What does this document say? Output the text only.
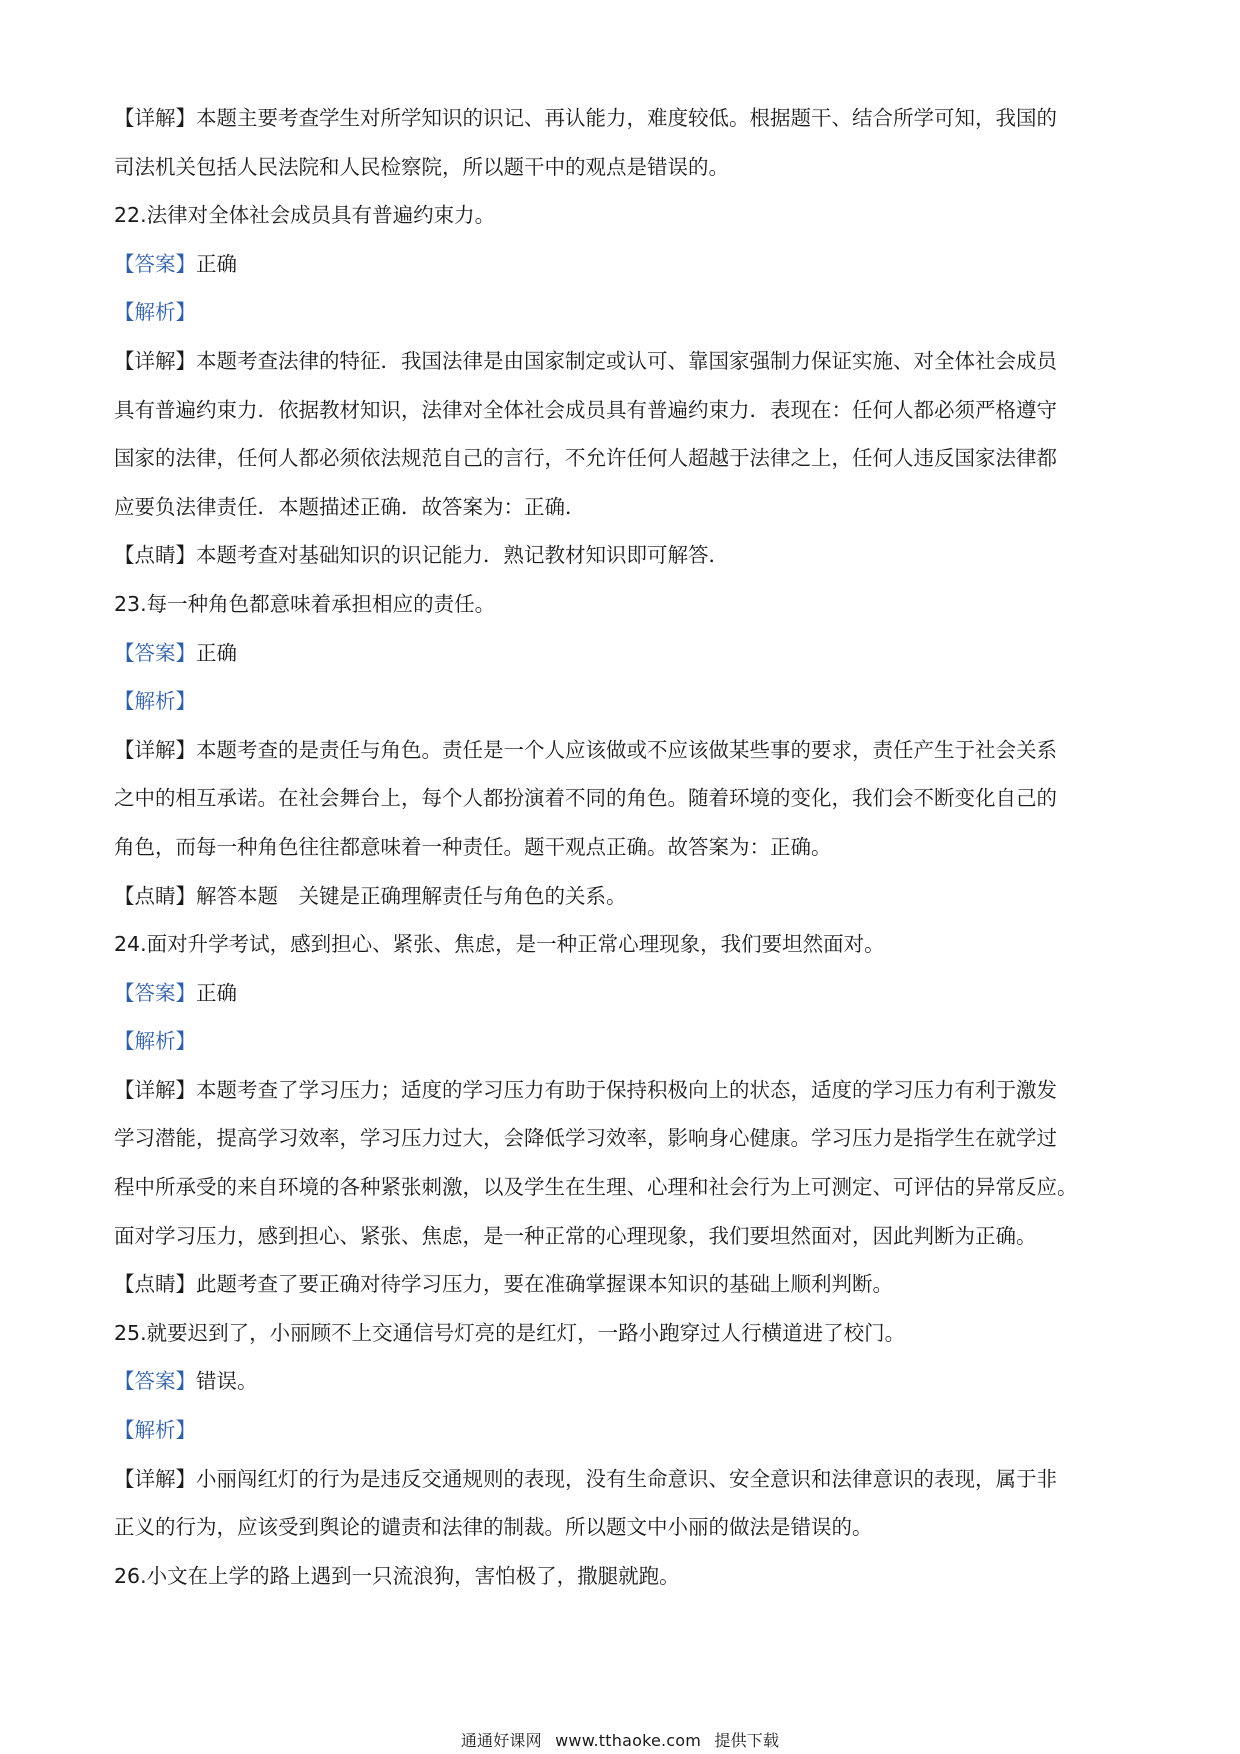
【详解】本题主要考查学生对所学知识的识记、再认能力，难度较低。根据题干、结合所学可知，我国的
司法机关包括人民法院和人民检察院，所以题干中的观点是错误的。
22.法律对全体社会成员具有普遍约束力。
【答案】正确
【解析】
【详解】本题考查法律的特征．我国法律是由国家制定或认可、靠国家强制力保证实施、对全体社会成员
具有普遍约束力．依据教材知识，法律对全体社会成员具有普遍约束力．表现在：任何人都必须严格遵守
国家的法律，任何人都必须依法规范自己的言行，不允许任何人超越于法律之上，任何人违反国家法律都
应要负法律责任．本题描述正确．故答案为：正确．
【点睛】本题考查对基础知识的识记能力．熟记教材知识即可解答．
23.每一种角色都意味着承担相应的责任。
【答案】正确
【解析】
【详解】本题考查的是责任与角色。责任是一个人应该做或不应该做某些事的要求，责任产生于社会关系
之中的相互承诺。在社会舞台上，每个人都扮演着不同的角色。随着环境的变化，我们会不断变化自己的
角色，而每一种角色往往都意味着一种责任。题干观点正确。故答案为：正确。
【点睛】解答本题　关键是正确理解责任与角色的关系。
24.面对升学考试，感到担心、紧张、焦虑，是一种正常心理现象，我们要坦然面对。
【答案】正确
【解析】
【详解】本题考查了学习压力；适度的学习压力有助于保持积极向上的状态，适度的学习压力有利于激发
学习潜能，提高学习效率，学习压力过大，会降低学习效率，影响身心健康。学习压力是指学生在就学过
程中所承受的来自环境的各种紧张刺激，以及学生在生理、心理和社会行为上可测定、可评估的异常反应。
面对学习压力，感到担心、紧张、焦虑，是一种正常的心理现象，我们要坦然面对，因此判断为正确。
【点睛】此题考查了要正确对待学习压力，要在准确掌握课本知识的基础上顺利判断。
25.就要迟到了，小丽顾不上交通信号灯亮的是红灯，一路小跑穿过人行横道进了校门。
【答案】错误。
【解析】
【详解】小丽闯红灯的行为是违反交通规则的表现，没有生命意识、安全意识和法律意识的表现，属于非
正义的行为，应该受到舆论的谴责和法律的制裁。所以题文中小丽的做法是错误的。
26.小文在上学的路上遇到一只流浪狗，害怕极了，撒腿就跑。
通通好课网 www.tthaoke.com 提供下载
